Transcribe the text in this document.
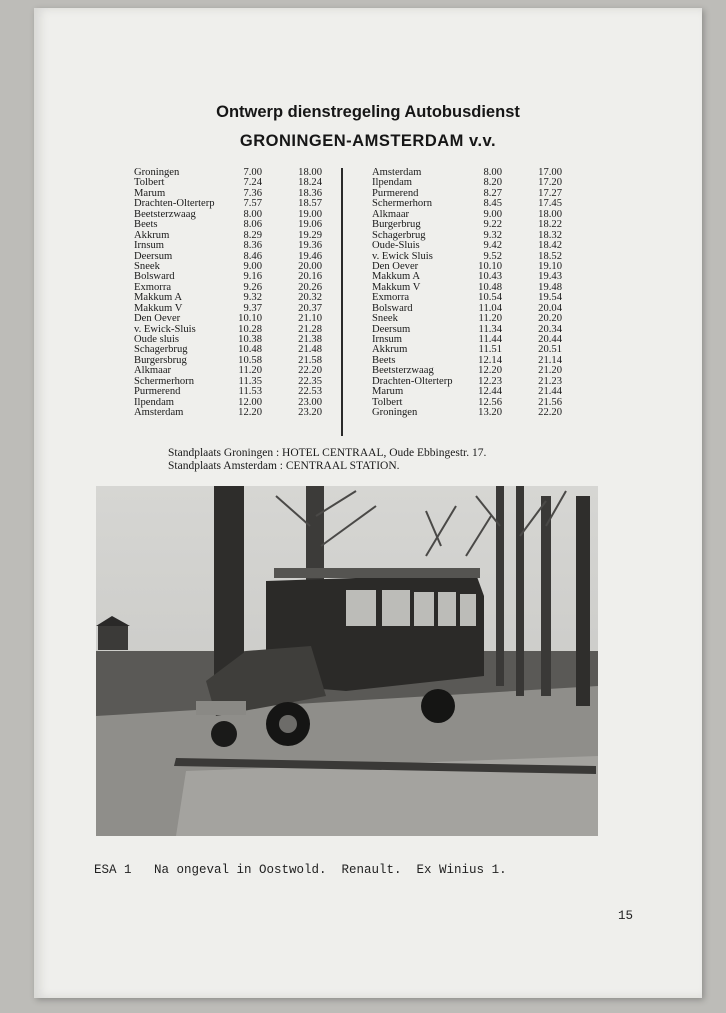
Ontwerp dienstregeling Autobusdienst
GRONINGEN-AMSTERDAM v.v.
Groningen	7.00	18.00
Tolbert	7.24	18.24
Marum	7.36	18.36
Drachten-Olterterp	7.57	18.57
Beetsterzwaag	8.00	19.00
Beets	8.06	19.06
Akkrum	8.29	19.29
Irnsum	8.36	19.36
Deersum	8.46	19.46
Sneek	9.00	20.00
Bolsward	9.16	20.16
Exmorra	9.26	20.26
Makkum A	9.32	20.32
Makkum V	9.37	20.37
Den Oever	10.10	21.10
v. Ewick-Sluis	10.28	21.28
Oude sluis	10.38	21.38
Schagerbrug	10.48	21.48
Burgersbrug	10.58	21.58
Alkmaar	11.20	22.20
Schermerhorn	11.35	22.35
Purmerend	11.53	22.53
Ilpendam	12.00	23.00
Amsterdam	12.20	23.20
Amsterdam	8.00	17.00
Ilpendam	8.20	17.20
Purmerend	8.27	17.27
Schermerhorn	8.45	17.45
Alkmaar	9.00	18.00
Burgerbrug	9.22	18.22
Schagerbrug	9.32	18.32
Oude-Sluis	9.42	18.42
v. Ewick Sluis	9.52	18.52
Den Oever	10.10	19.10
Makkum A	10.43	19.43
Makkum V	10.48	19.48
Exmorra	10.54	19.54
Bolsward	11.04	20.04
Sneek	11.20	20.20
Deersum	11.34	20.34
Irnsum	11.44	20.44
Akkrum	11.51	20.51
Beets	12.14	21.14
Beetsterzwaag	12.20	21.20
Drachten-Olterterp	12.23	21.23
Marum	12.44	21.44
Tolbert	12.56	21.56
Groningen	13.20	22.20
Standplaats Groningen : HOTEL CENTRAAL, Oude Ebbingestr. 17.
Standplaats Amsterdam : CENTRAAL STATION.
ESA 1   Na ongeval in Oostwold.  Renault.  Ex Winius 1.
15
